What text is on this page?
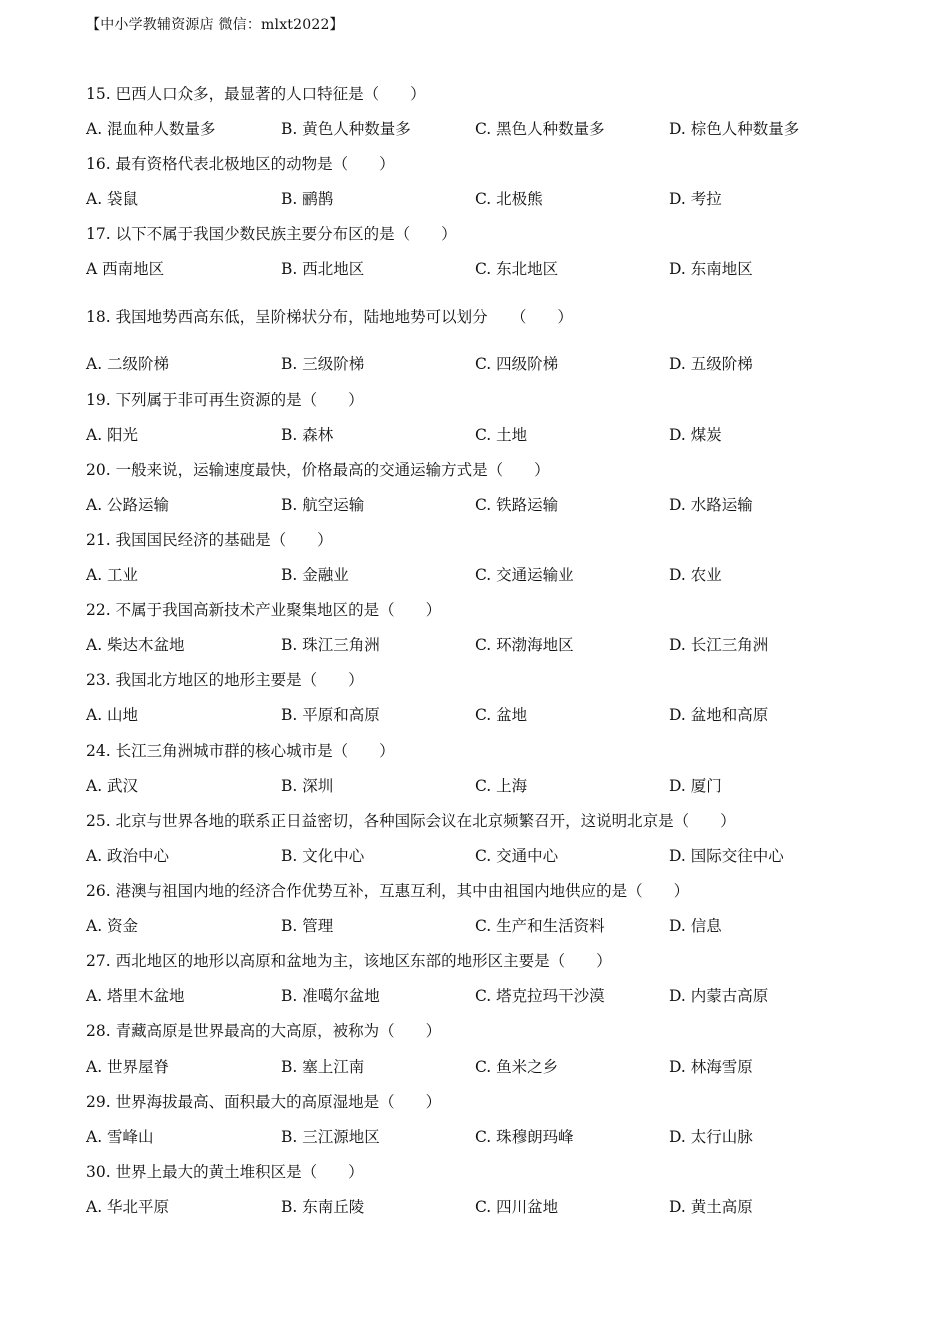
【中小学教辅资源店 微信：mlxt2022】
15. 巴西人口众多，最显著的人口特征是（　　）
A. 混血种人数量多	B. 黄色人种数量多	C. 黑色人种数量多	D. 棕色人种数量多
16. 最有资格代表北极地区的动物是（　　）
A. 袋鼠	B. 鹂鹊	C. 北极熊	D. 考拉
17. 以下不属于我国少数民族主要分布区的是（　　）
A 西南地区	B. 西北地区	C. 东北地区	D. 东南地区
18. 我国地势西高东低，呈阶梯状分布，陆地地势可以划分　　（　　）
A. 二级阶梯	B. 三级阶梯	C. 四级阶梯	D. 五级阶梯
19. 下列属于非可再生资源的是（　　）
A. 阳光	B. 森林	C. 土地	D. 煤炭
20. 一般来说，运输速度最快，价格最高的交通运输方式是（　　）
A. 公路运输	B. 航空运输	C. 铁路运输	D. 水路运输
21. 我国国民经济的基础是（　　）
A. 工业	B. 金融业	C. 交通运输业	D. 农业
22. 不属于我国高新技术产业聚集地区的是（　　）
A. 柴达木盆地	B. 珠江三角洲	C. 环渤海地区	D. 长江三角洲
23. 我国北方地区的地形主要是（　　）
A. 山地	B. 平原和高原	C. 盆地	D. 盆地和高原
24. 长江三角洲城市群的核心城市是（　　）
A. 武汉	B. 深圳	C. 上海	D. 厦门
25. 北京与世界各地的联系正日益密切，各种国际会议在北京频繁召开，这说明北京是（　　）
A. 政治中心	B. 文化中心	C. 交通中心	D. 国际交往中心
26. 港澳与祖国内地的经济合作优势互补，互惠互利，其中由祖国内地供应的是（　　）
A. 资金	B. 管理	C. 生产和生活资料	D. 信息
27. 西北地区的地形以高原和盆地为主，该地区东部的地形区主要是（　　）
A. 塔里木盆地	B. 准噶尔盆地	C. 塔克拉玛干沙漠	D. 内蒙古高原
28. 青藏高原是世界最高的大高原，被称为（　　）
A. 世界屋脊	B. 塞上江南	C. 鱼米之乡	D. 林海雪原
29. 世界海拔最高、面积最大的高原湿地是（　　）
A. 雪峰山	B. 三江源地区	C. 珠穆朗玛峰	D. 太行山脉
30. 世界上最大的黄土堆积区是（　　）
A. 华北平原	B. 东南丘陵	C. 四川盆地	D. 黄土高原
